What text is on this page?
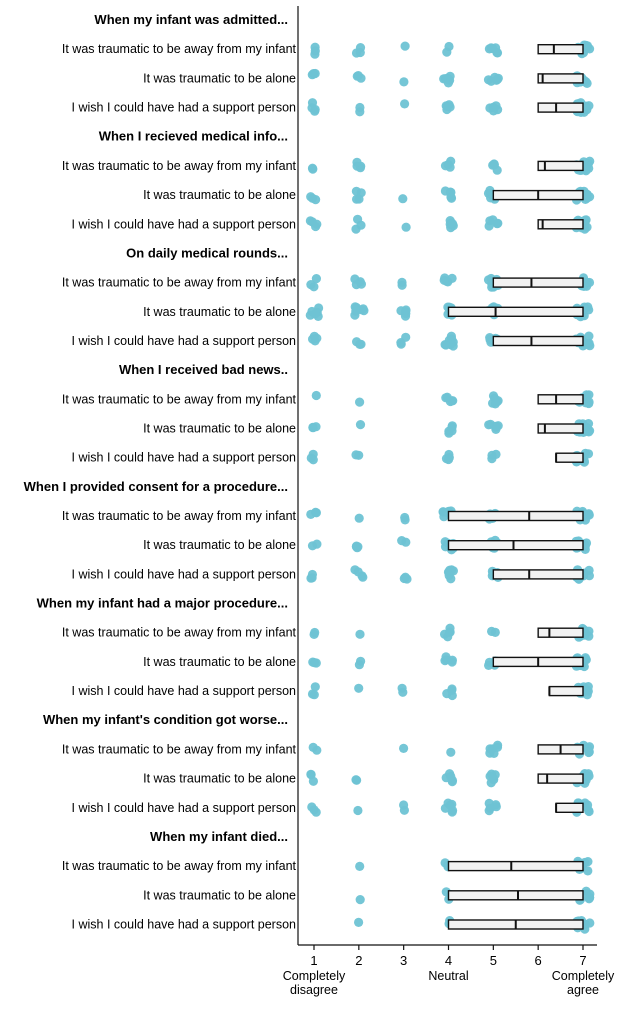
1
Completely
disagree
2	3	4
Neutral
5	6	7
Completely
agree
When my infant was admitted...
It was traumatic to be away from my infant
It was traumatic to be alone
I wish I could have had a support person
When I recieved medical info...
It was traumatic to be away from my infant
It was traumatic to be alone
I wish I could have had a support person
On daily medical rounds...
It was traumatic to be away from my infant
It was traumatic to be alone
I wish I could have had a support person
When I received bad news..
It was traumatic to be away from my infant
It was traumatic to be alone
I wish I could have had a support person
When I provided consent for a procedure...
It was traumatic to be away from my infant
It was traumatic to be alone
I wish I could have had a support person
When my infant had a major procedure...
It was traumatic to be away from my infant
It was traumatic to be alone
I wish I could have had a support person
When my infant's condition got worse...
It was traumatic to be away from my infant
It was traumatic to be alone
I wish I could have had a support person
When my infant died...
It was traumatic to be away from my infant
It was traumatic to be alone
I wish I could have had a support person
